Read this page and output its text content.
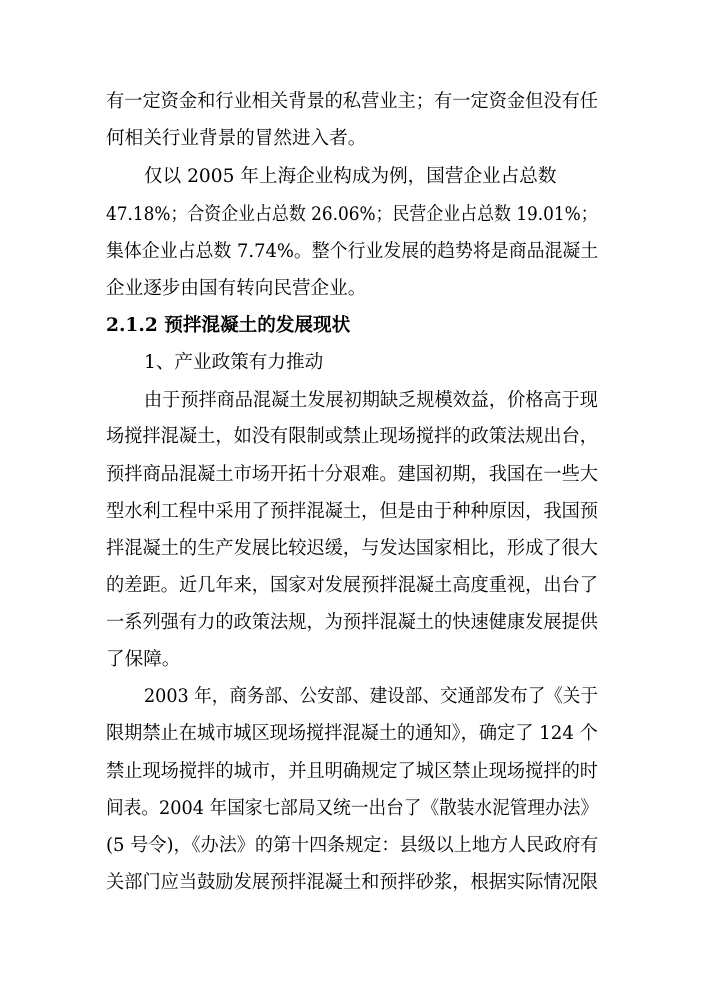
有一定资金和行业相关背景的私营业主；有一定资金但没有任
何相关行业背景的冒然进入者。
仅以 2005 年上海企业构成为例，国营企业占总数
47.18%；合资企业占总数 26.06%；民营企业占总数 19.01%；
集体企业占总数 7.74%。整个行业发展的趋势将是商品混凝土
企业逐步由国有转向民营企业。
2.1.2 预拌混凝土的发展现状
1、产业政策有力推动
由于预拌商品混凝土发展初期缺乏规模效益，价格高于现
场搅拌混凝土，如没有限制或禁止现场搅拌的政策法规出台，
预拌商品混凝土市场开拓十分艰难。建国初期，我国在一些大
型水利工程中采用了预拌混凝土，但是由于种种原因，我国预
拌混凝土的生产发展比较迟缓，与发达国家相比，形成了很大
的差距。近几年来，国家对发展预拌混凝土高度重视，出台了
一系列强有力的政策法规，为预拌混凝土的快速健康发展提供
了保障。
2003 年，商务部、公安部、建设部、交通部发布了《关于
限期禁止在城市城区现场搅拌混凝土的通知》，确定了 124 个
禁止现场搅拌的城市，并且明确规定了城区禁止现场搅拌的时
间表。2004 年国家七部局又统一出台了《散装水泥管理办法》
(5 号令)，《办法》的第十四条规定：县级以上地方人民政府有
关部门应当鼓励发展预拌混凝土和预拌砂浆，根据实际情况限
